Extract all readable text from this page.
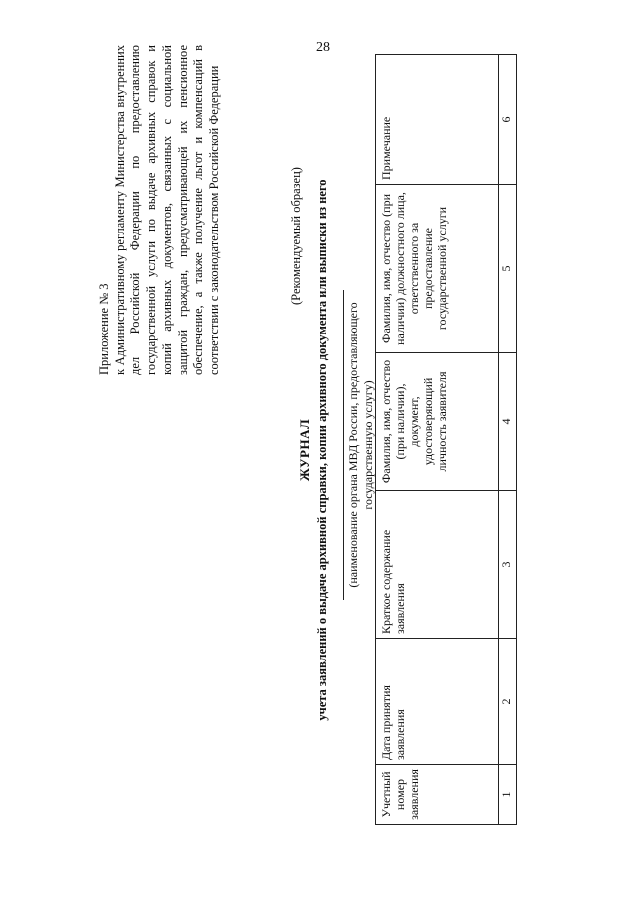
28
Приложение № 3 к Административному регламенту Министерства внутренних дел Российской Федерации по предоставлению государственной услуги по выдаче архивных справок и копий архивных документов, связанных с социальной защитой граждан, предусматривающей их пенсионное обеспечение, а также получение льгот и компенсаций в соответствии с законодательством Российской Федерации	(Рекомендуемый образец)
ЖУРНАЛ учета заявлений о выдаче архивной справки, копии архивного документа или выписки из него (наименование органа МВД России, предоставляющего государственную услугу)
Учетный номер заявления	Дата принятия заявления	Краткое содержание заявления	Фамилия, имя, отчество (при наличии), документ, удостоверяющий личность заявителя	Фамилия, имя, отчество (при наличии) должностного лица, ответственного за предоставление государственной услуги	Примечание
1	2	3	4	5	6
